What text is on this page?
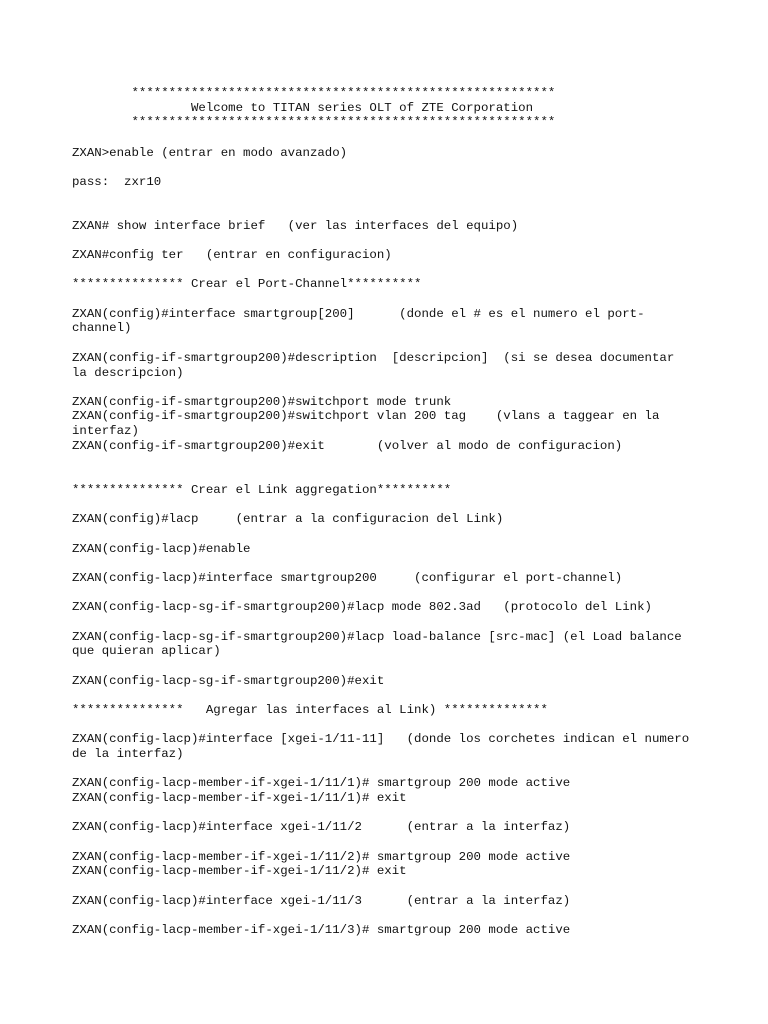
*********************************************************
Welcome to TITAN series OLT of ZTE Corporation
*********************************************************
ZXAN>enable (entrar en modo avanzado)
pass:  zxr10
ZXAN# show interface brief   (ver las interfaces del equipo)
ZXAN#config ter   (entrar en configuracion)
*************** Crear el Port-Channel**********
ZXAN(config)#interface smartgroup[200]      (donde el # es el numero el port-
channel)
ZXAN(config-if-smartgroup200)#description  [descripcion]  (si se desea documentar
la descripcion)
ZXAN(config-if-smartgroup200)#switchport mode trunk
ZXAN(config-if-smartgroup200)#switchport vlan 200 tag    (vlans a taggear en la
interfaz)
ZXAN(config-if-smartgroup200)#exit       (volver al modo de configuracion)
*************** Crear el Link aggregation**********
ZXAN(config)#lacp     (entrar a la configuracion del Link)
ZXAN(config-lacp)#enable
ZXAN(config-lacp)#interface smartgroup200     (configurar el port-channel)
ZXAN(config-lacp-sg-if-smartgroup200)#lacp mode 802.3ad   (protocolo del Link)
ZXAN(config-lacp-sg-if-smartgroup200)#lacp load-balance [src-mac] (el Load balance
que quieran aplicar)
ZXAN(config-lacp-sg-if-smartgroup200)#exit
***************   Agregar las interfaces al Link) **************
ZXAN(config-lacp)#interface [xgei-1/11-11]   (donde los corchetes indican el numero
de la interfaz)
ZXAN(config-lacp-member-if-xgei-1/11/1)# smartgroup 200 mode active
ZXAN(config-lacp-member-if-xgei-1/11/1)# exit
ZXAN(config-lacp)#interface xgei-1/11/2      (entrar a la interfaz)
ZXAN(config-lacp-member-if-xgei-1/11/2)# smartgroup 200 mode active
ZXAN(config-lacp-member-if-xgei-1/11/2)# exit
ZXAN(config-lacp)#interface xgei-1/11/3      (entrar a la interfaz)
ZXAN(config-lacp-member-if-xgei-1/11/3)# smartgroup 200 mode active
